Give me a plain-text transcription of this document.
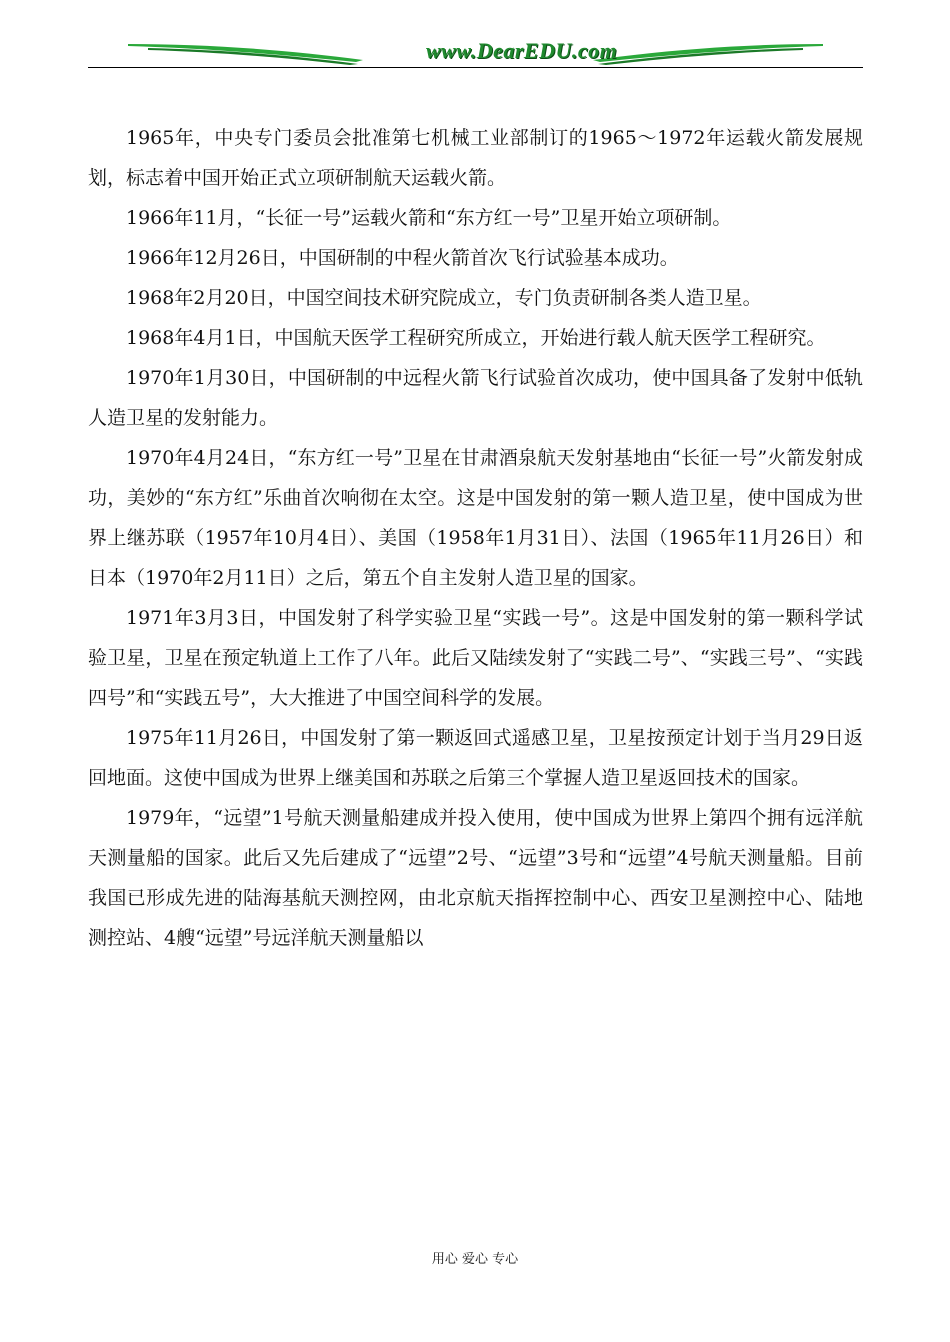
www.DearEDU.com

1965年，中央专门委员会批准第七机械工业部制订的1965～1972年运载火箭发展规划，标志着中国开始正式立项研制航天运载火箭。

1966年11月，“长征一号”运载火箭和“东方红一号”卫星开始立项研制。

1966年12月26日，中国研制的中程火箭首次飞行试验基本成功。

1968年2月20日，中国空间技术研究院成立，专门负责研制各类人造卫星。

1968年4月1日，中国航天医学工程研究所成立，开始进行载人航天医学工程研究。

1970年1月30日，中国研制的中远程火箭飞行试验首次成功，使中国具备了发射中低轨人造卫星的发射能力。

1970年4月24日，“东方红一号”卫星在甘肃酒泉航天发射基地由“长征一号”火箭发射成功，美妙的“东方红”乐曲首次响彻在太空。这是中国发射的第一颗人造卫星，使中国成为世界上继苏联（1957年10月4日）、美国（1958年1月31日）、法国（1965年11月26日）和日本（1970年2月11日）之后，第五个自主发射人造卫星的国家。

1971年3月3日，中国发射了科学实验卫星“实践一号”。这是中国发射的第一颗科学试验卫星，卫星在预定轨道上工作了八年。此后又陆续发射了“实践二号”、“实践三号”、“实践四号”和“实践五号”，大大推进了中国空间科学的发展。

1975年11月26日，中国发射了第一颗返回式遥感卫星，卫星按预定计划于当月29日返回地面。这使中国成为世界上继美国和苏联之后第三个掌握人造卫星返回技术的国家。

1979年，“远望”1号航天测量船建成并投入使用，使中国成为世界上第四个拥有远洋航天测量船的国家。此后又先后建成了“远望”2号、“远望”3号和“远望”4号航天测量船。目前我国已形成先进的陆海基航天测控网，由北京航天指挥控制中心、西安卫星测控中心、陆地测控站、4艘“远望”号远洋航天测量船以

用心 爱心 专心
